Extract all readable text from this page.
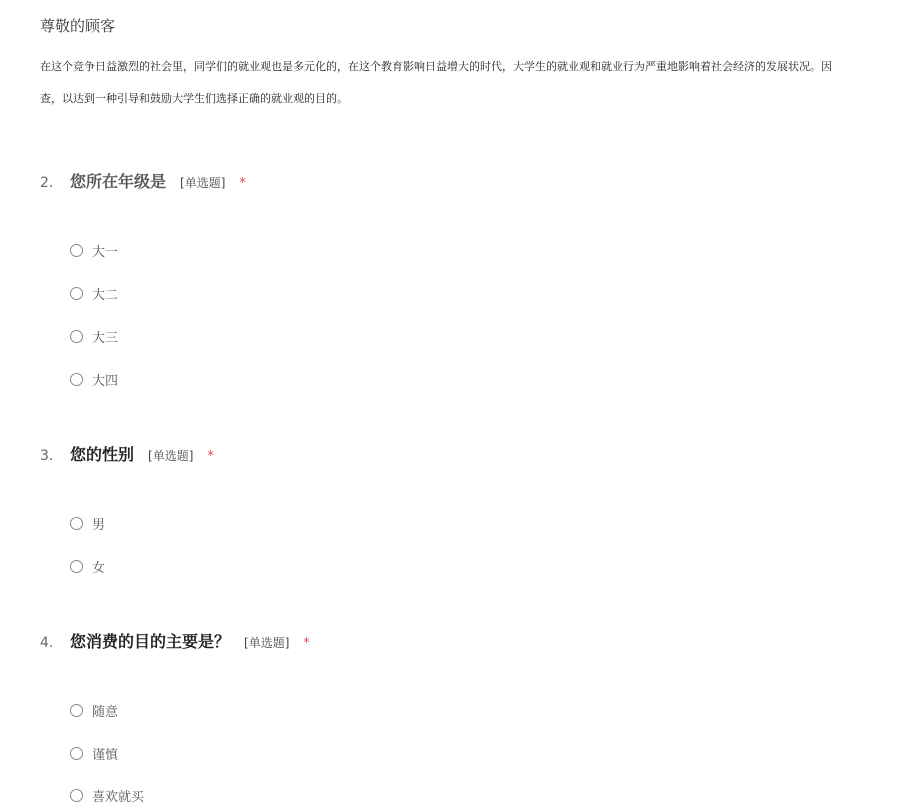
尊敬的顾客
在这个竞争日益激烈的社会里，同学们的就业观也是多元化的，在这个教育影响日益增大的时代，大学生的就业观和就业行为严重地影响着社会经济的发展状况。因
查，以达到一种引导和鼓励大学生们选择正确的就业观的目的。
2.	您所在年级是 [单选题] *
大一
大二
大三
大四
3.	您的性别 [单选题] *
男
女
4.	您消费的目的主要是？ [单选题] *
随意
谨慎
喜欢就买
